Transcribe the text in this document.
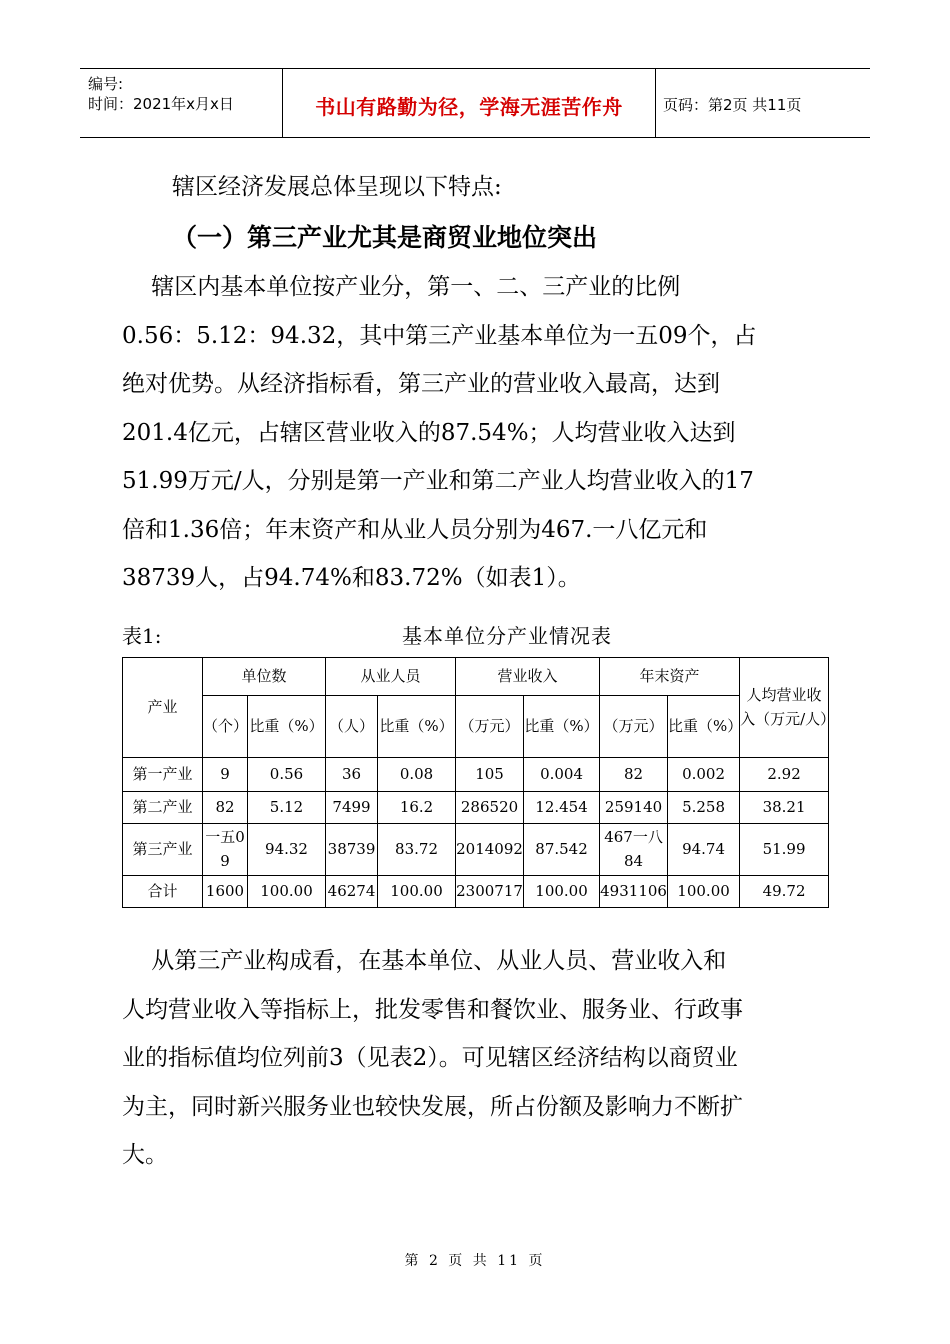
编号:
时间：2021年x月x日	书山有路勤为径，学海无涯苦作舟	页码：第2页 共11页
辖区经济发展总体呈现以下特点:
（一）第三产业尤其是商贸业地位突出
辖区内基本单位按产业分，第一、二、三产业的比例
0.56：5.12：94.32，其中第三产业基本单位为一五09个，占
绝对优势。从经济指标看，第三产业的营业收入最高，达到
201.4亿元，占辖区营业收入的87.54%；人均营业收入达到
51.99万元/人，分别是第一产业和第二产业人均营业收入的17
倍和1.36倍；年末资产和从业人员分别为467.一八亿元和
38739人，占94.74%和83.72%（如表1）。
表1:	基本单位分产业情况表
产业	单位数		从业人员		营业收入		年末资产		人均营业收入（万元/人）
	（个）	比重（%）	（人）	比重（%）	（万元）	比重（%）	（万元）	比重（%）	
第一产业	9	0.56	36	0.08	105	0.004	82	0.002	2.92
第二产业	82	5.12	7499	16.2	286520	12.454	259140	5.258	38.21
第三产业	一五09	94.32	38739	83.72	2014092	87.542	467一八84	94.74	51.99
合计	1600	100.00	46274	100.00	2300717	100.00	4931106	100.00	49.72
从第三产业构成看，在基本单位、从业人员、营业收入和
人均营业收入等指标上，批发零售和餐饮业、服务业、行政事
业的指标值均位列前3（见表2）。可见辖区经济结构以商贸业
为主，同时新兴服务业也较快发展，所占份额及影响力不断扩
大。
第 2 页 共 11 页
